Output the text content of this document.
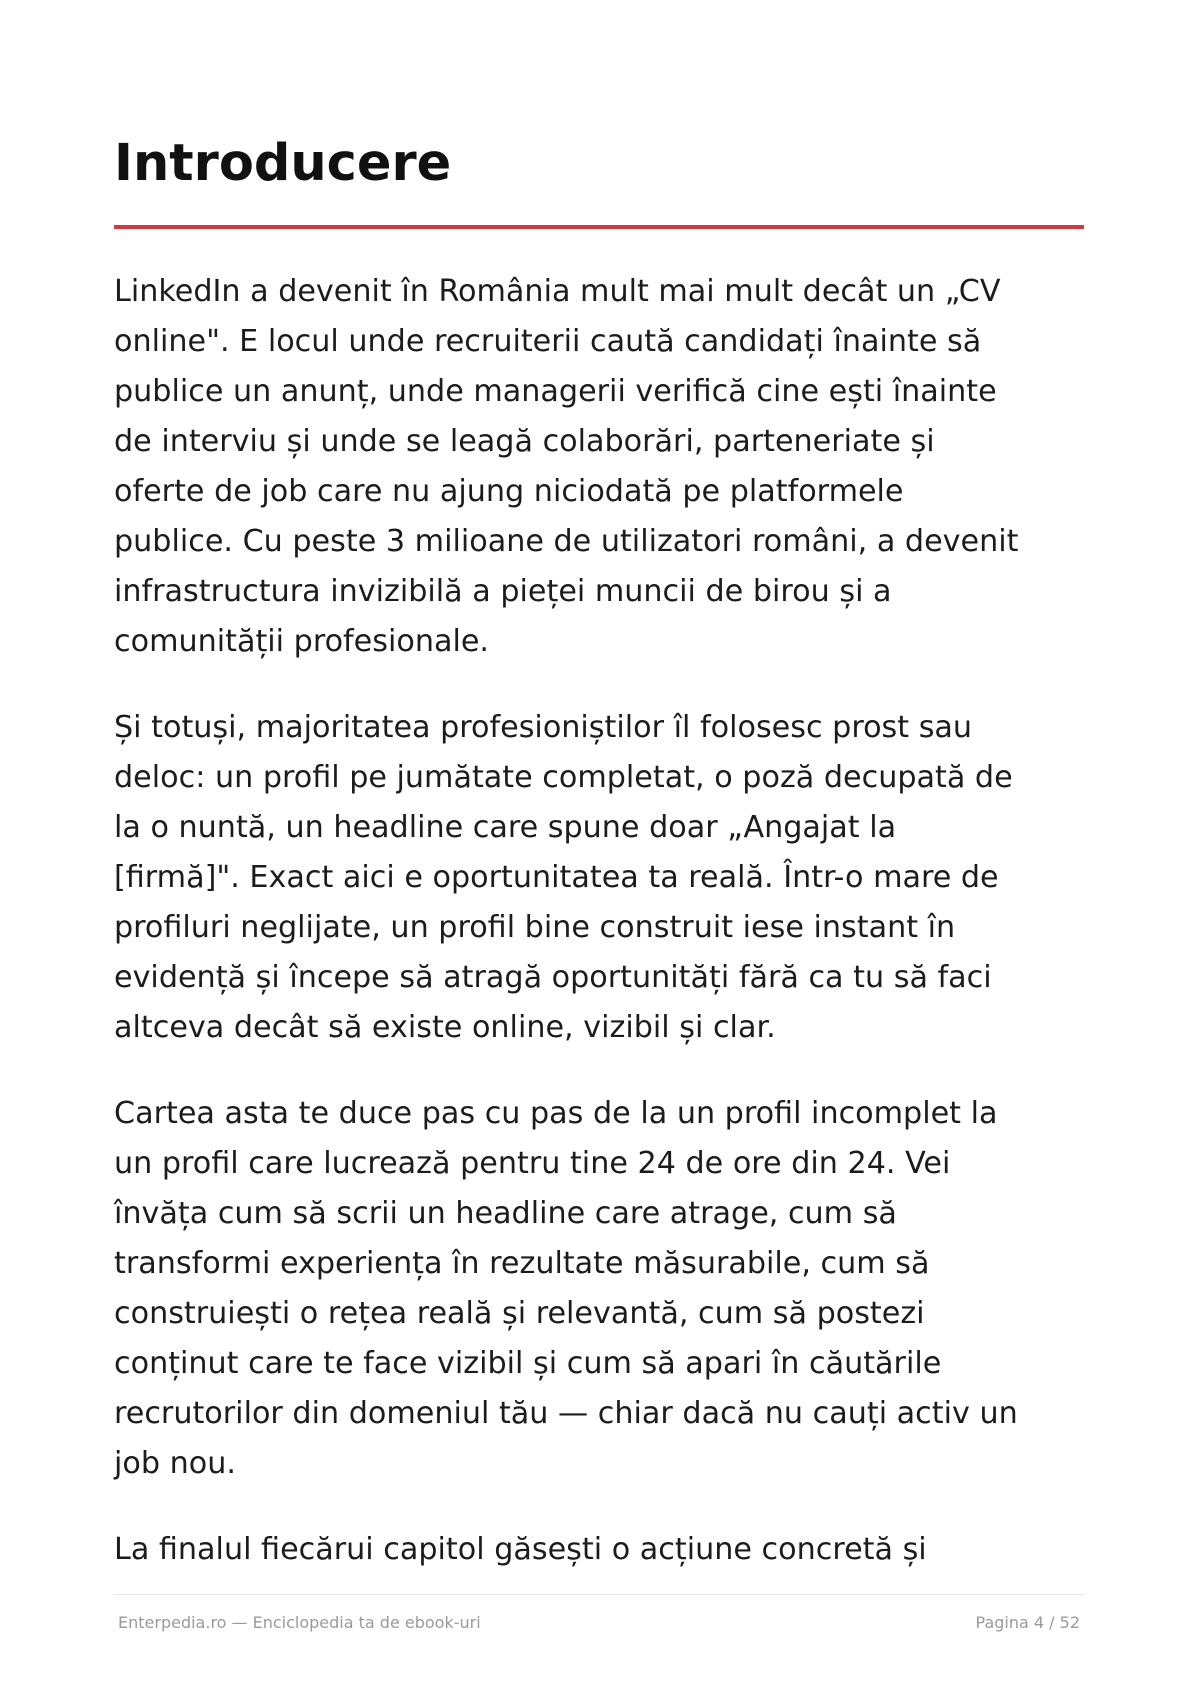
Introducere

LinkedIn a devenit în România mult mai mult decât un „CV
online". E locul unde recruiterii caută candidați înainte să
publice un anunț, unde managerii verifică cine ești înainte
de interviu și unde se leagă colaborări, parteneriate și
oferte de job care nu ajung niciodată pe platformele
publice. Cu peste 3 milioane de utilizatori români, a devenit
infrastructura invizibilă a pieței muncii de birou și a
comunității profesionale.

Și totuși, majoritatea profesioniștilor îl folosesc prost sau
deloc: un profil pe jumătate completat, o poză decupată de
la o nuntă, un headline care spune doar „Angajat la
[firmă]". Exact aici e oportunitatea ta reală. Într-o mare de
profiluri neglijate, un profil bine construit iese instant în
evidență și începe să atragă oportunități fără ca tu să faci
altceva decât să existe online, vizibil și clar.

Cartea asta te duce pas cu pas de la un profil incomplet la
un profil care lucrează pentru tine 24 de ore din 24. Vei
învăța cum să scrii un headline care atrage, cum să
transformi experiența în rezultate măsurabile, cum să
construiești o rețea reală și relevantă, cum să postezi
conținut care te face vizibil și cum să apari în căutările
recrutorilor din domeniul tău — chiar dacă nu cauți activ un
job nou.

La finalul fiecărui capitol găsești o acțiune concretă și

Enterpedia.ro — Enciclopedia ta de ebook-uri	Pagina 4 / 52
